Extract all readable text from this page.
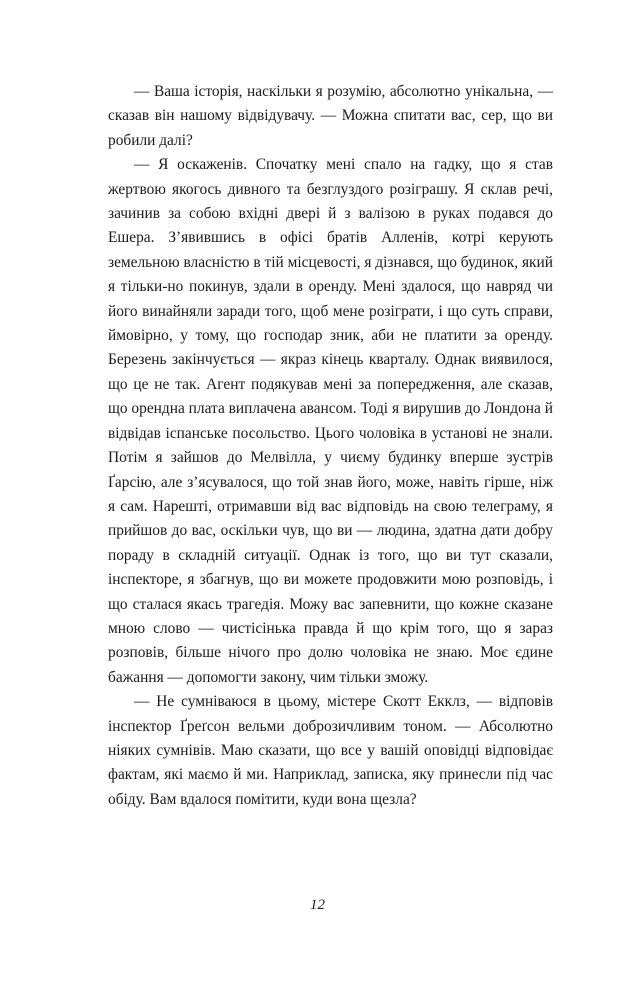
— Ваша історія, наскільки я розумію, абсолютно унікальна, — сказав він нашому відвідувачу. — Можна спитати вас, сер, що ви робили далі?

— Я оскаженів. Спочатку мені спало на гадку, що я став жертвою якогось дивного та безглуздого розіграшу. Я склав речі, зачинив за собою вхідні двері й з валізою в руках подався до Ешера. З’явившись в офісі братів Алленів, котрі керують земельною власністю в тій місцевості, я дізнався, що будинок, який я тільки-но покинув, здали в оренду. Мені здалося, що навряд чи його винайняли заради того, щоб мене розіграти, і що суть справи, ймовірно, у тому, що господар зник, аби не платити за оренду. Березень закінчується — якраз кінець кварталу. Однак виявилося, що це не так. Агент подякував мені за попередження, але сказав, що орендна плата виплачена авансом. Тоді я вирушив до Лондона й відвідав іспанське посольство. Цього чоловіка в установі не знали. Потім я зайшов до Мелвілла, у чиєму будинку вперше зустрів Ґарсію, але з’ясувалося, що той знав його, може, навіть гірше, ніж я сам. Нарешті, отримавши від вас відповідь на свою телеграму, я прийшов до вас, оскільки чув, що ви — людина, здатна дати добру пораду в складній ситуації. Однак із того, що ви тут сказали, інспекторе, я збагнув, що ви можете продовжити мою розповідь, і що сталася якась трагедія. Можу вас запевнити, що кожне сказане мною слово — чистісінька правда й що крім того, що я зараз розповів, більше нічого про долю чоловіка не знаю. Моє єдине бажання — допомогти закону, чим тільки зможу.

— Не сумніваюся в цьому, містере Скотт Екклз, — відповів інспектор Ґреґсон вельми доброзичливим тоном. — Абсолютно ніяких сумнівів. Маю сказати, що все у вашій оповідці відповідає фактам, які маємо й ми. Наприклад, записка, яку принесли під час обіду. Вам вдалося помітити, куди вона щезла?

12
